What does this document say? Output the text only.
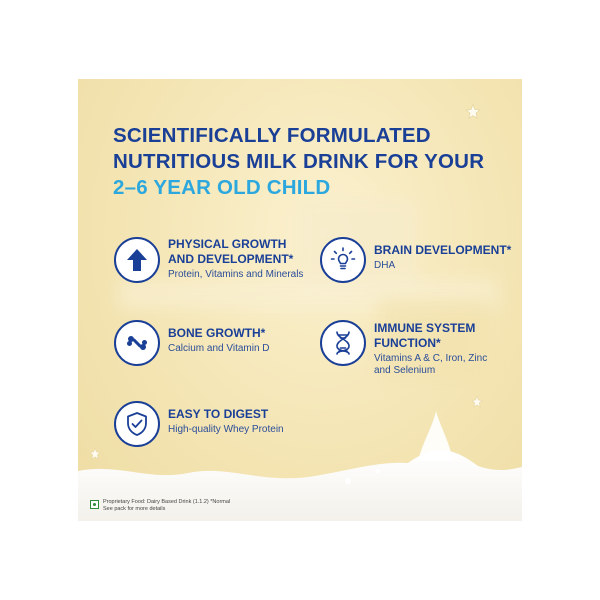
SCIENTIFICALLY FORMULATED
NUTRITIOUS MILK DRINK FOR YOUR
2–6 YEAR OLD CHILD
PHYSICAL GROWTH
AND DEVELOPMENT*
Protein, Vitamins and Minerals
BRAIN DEVELOPMENT*
DHA
BONE GROWTH*
Calcium and Vitamin D
IMMUNE SYSTEM
FUNCTION*
Vitamins A & C, Iron, Zinc
and Selenium
EASY TO DIGEST
High-quality Whey Protein
Proprietary Food: Dairy Based Drink (1.1.2) *Normal
See pack for more details
